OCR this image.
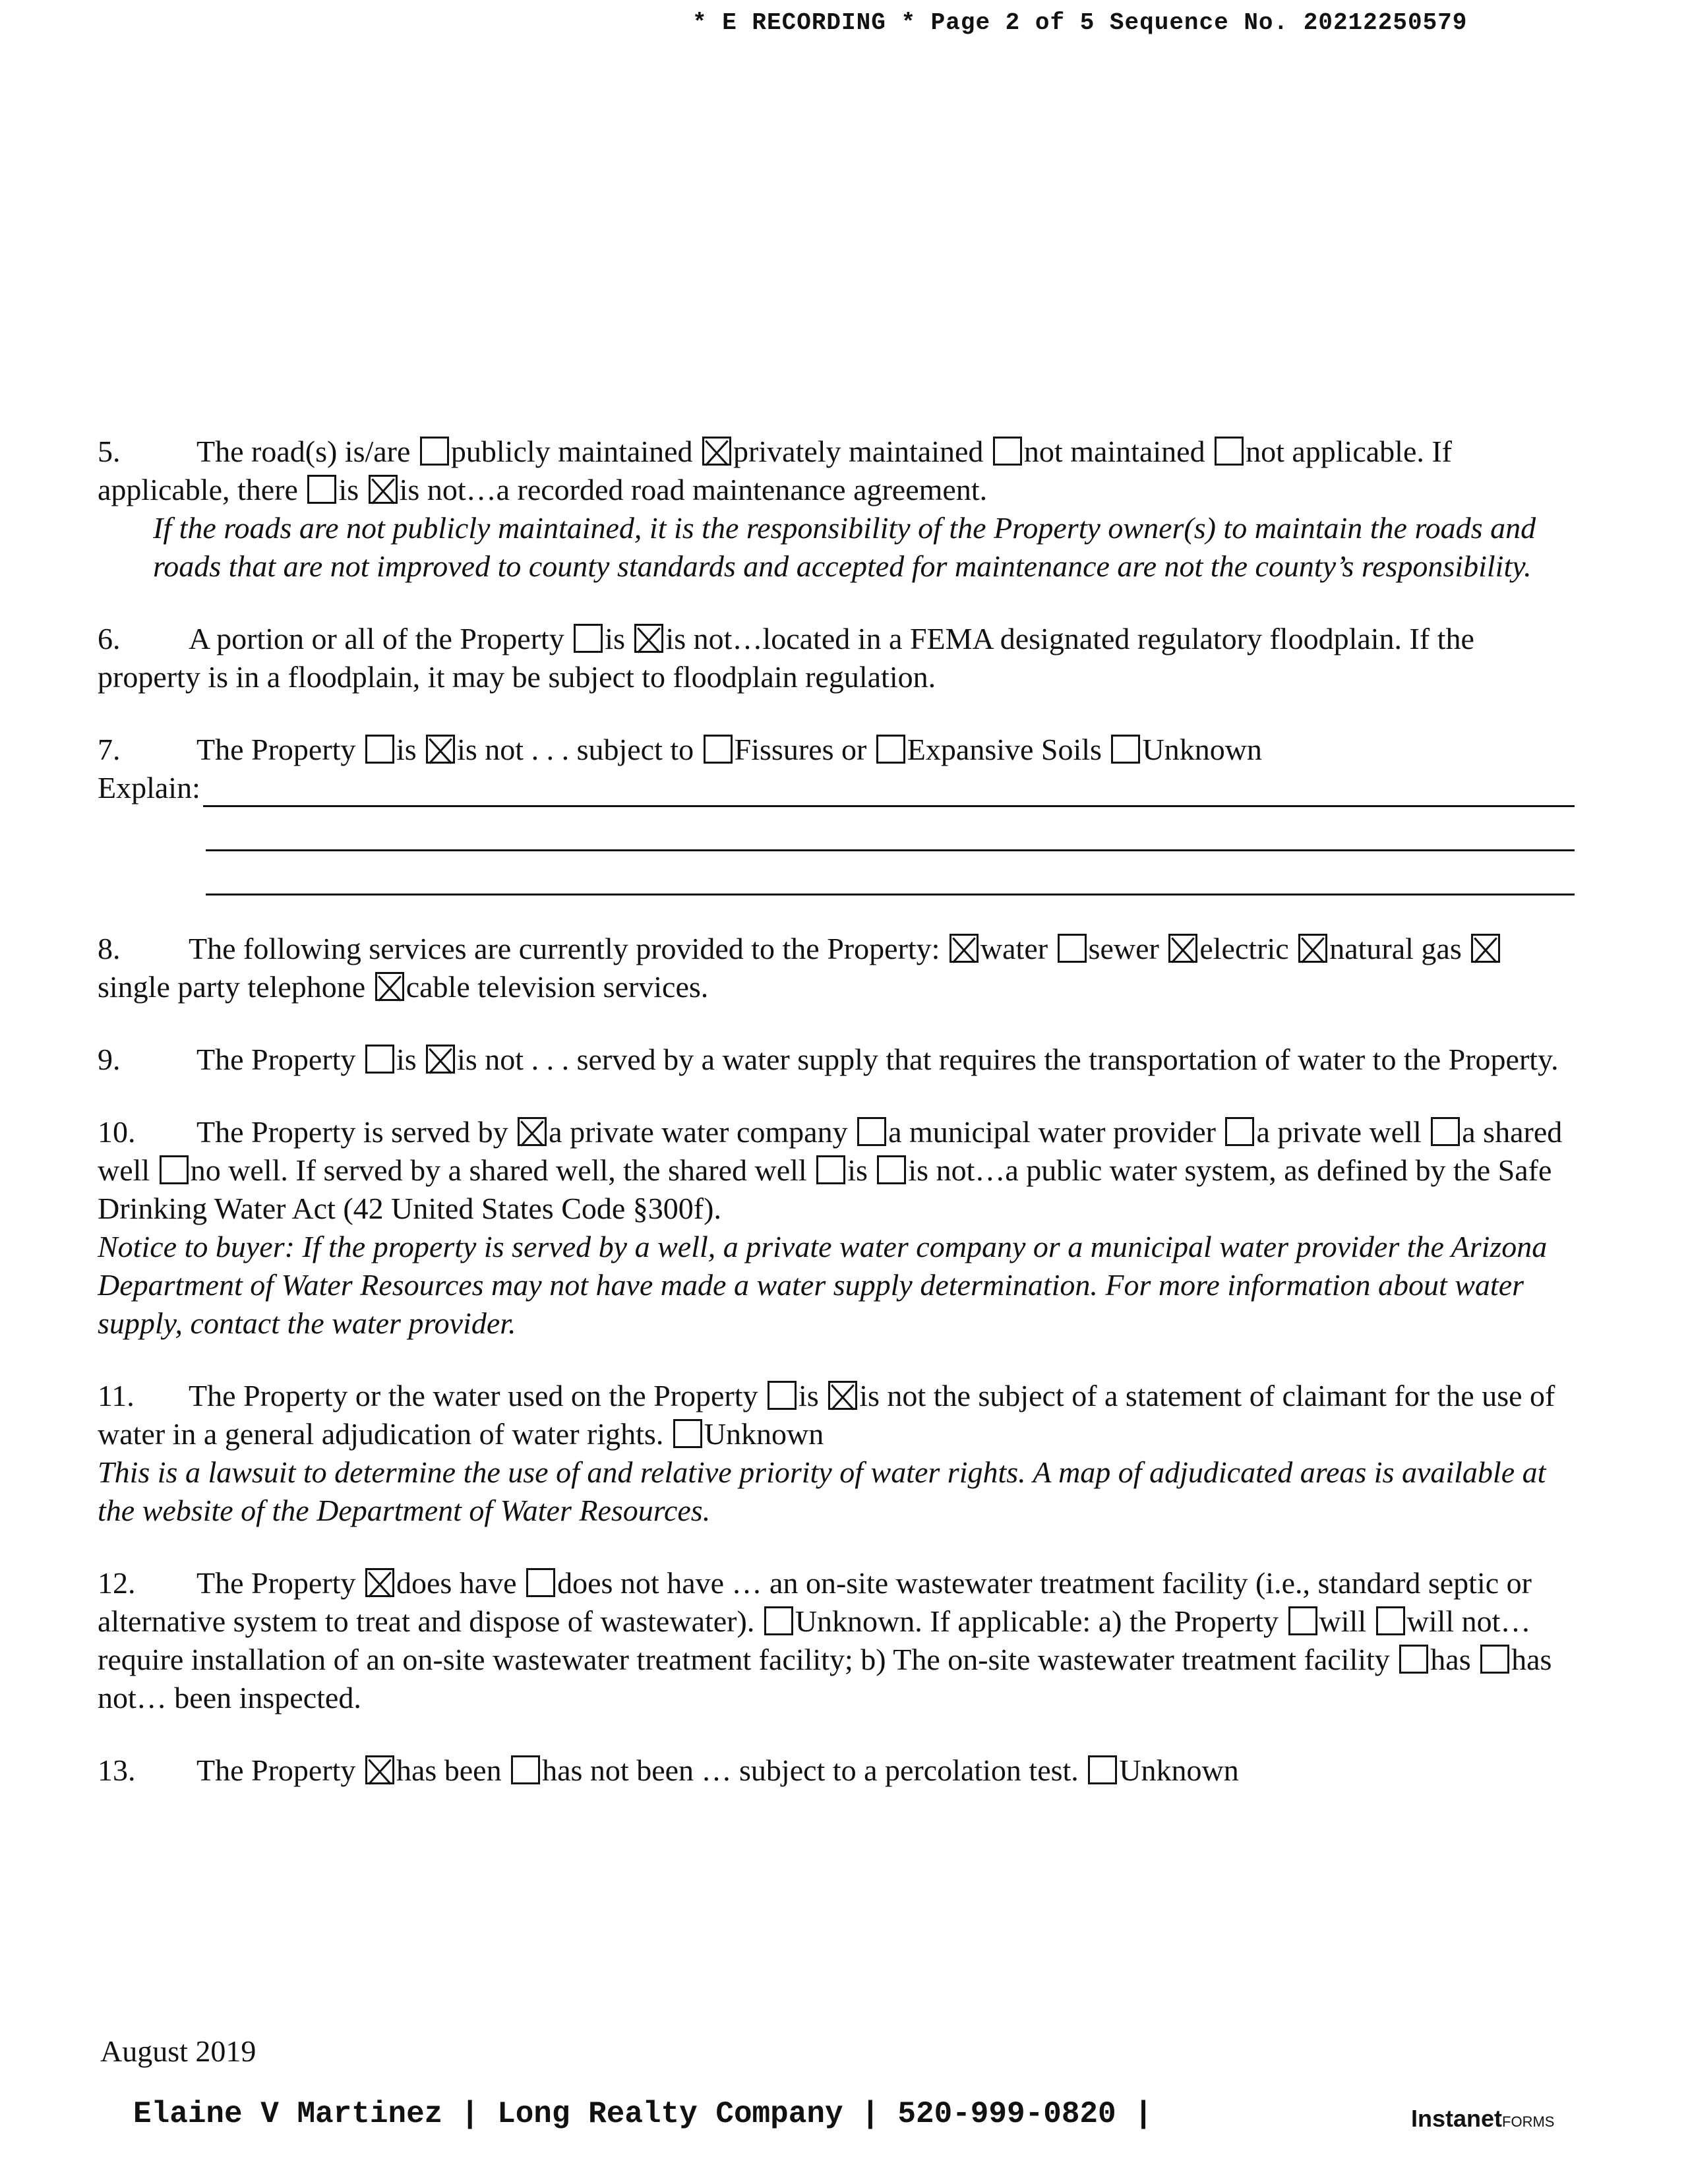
* E RECORDING * Page 2 of 5 Sequence No. 20212250579
5.	The road(s) is/are publicly maintained privately maintained not maintained not applicable. If applicable, there is is not…a recorded road maintenance agreement.
If the roads are not publicly maintained, it is the responsibility of the Property owner(s) to maintain the roads and roads that are not improved to county standards and accepted for maintenance are not the county’s responsibility.
6. A portion or all of the Property is is not…located in a FEMA designated regulatory floodplain. If the property is in a floodplain, it may be subject to floodplain regulation.
7.	The Property is is not . . . subject to Fissures or Expansive Soils Unknown
Explain:
8. The following services are currently provided to the Property: water sewer electric natural gas single party telephone cable television services.
9.	The Property is is not . . . served by a water supply that requires the transportation of water to the Property.
10. The Property is served by a private water company a municipal water provider a private well a shared well no well. If served by a shared well, the shared well is is not…a public water system, as defined by the Safe Drinking Water Act (42 United States Code §300f).
Notice to buyer: If the property is served by a well, a private water company or a municipal water provider the Arizona Department of Water Resources may not have made a water supply determination. For more information about water supply, contact the water provider.
11. The Property or the water used on the Property is is not the subject of a statement of claimant for the use of water in a general adjudication of water rights. Unknown
This is a lawsuit to determine the use of and relative priority of water rights. A map of adjudicated areas is available at the website of the Department of Water Resources.
12. The Property does have does not have … an on-site wastewater treatment facility (i.e., standard septic or alternative system to treat and dispose of wastewater). Unknown. If applicable: a) the Property will will not…require installation of an on-site wastewater treatment facility; b) The on-site wastewater treatment facility has has not… been inspected.
13. The Property has been has not been … subject to a percolation test. Unknown
August 2019
Elaine V Martinez | Long Realty Company | 520-999-0820 |	InstanetFORMS
